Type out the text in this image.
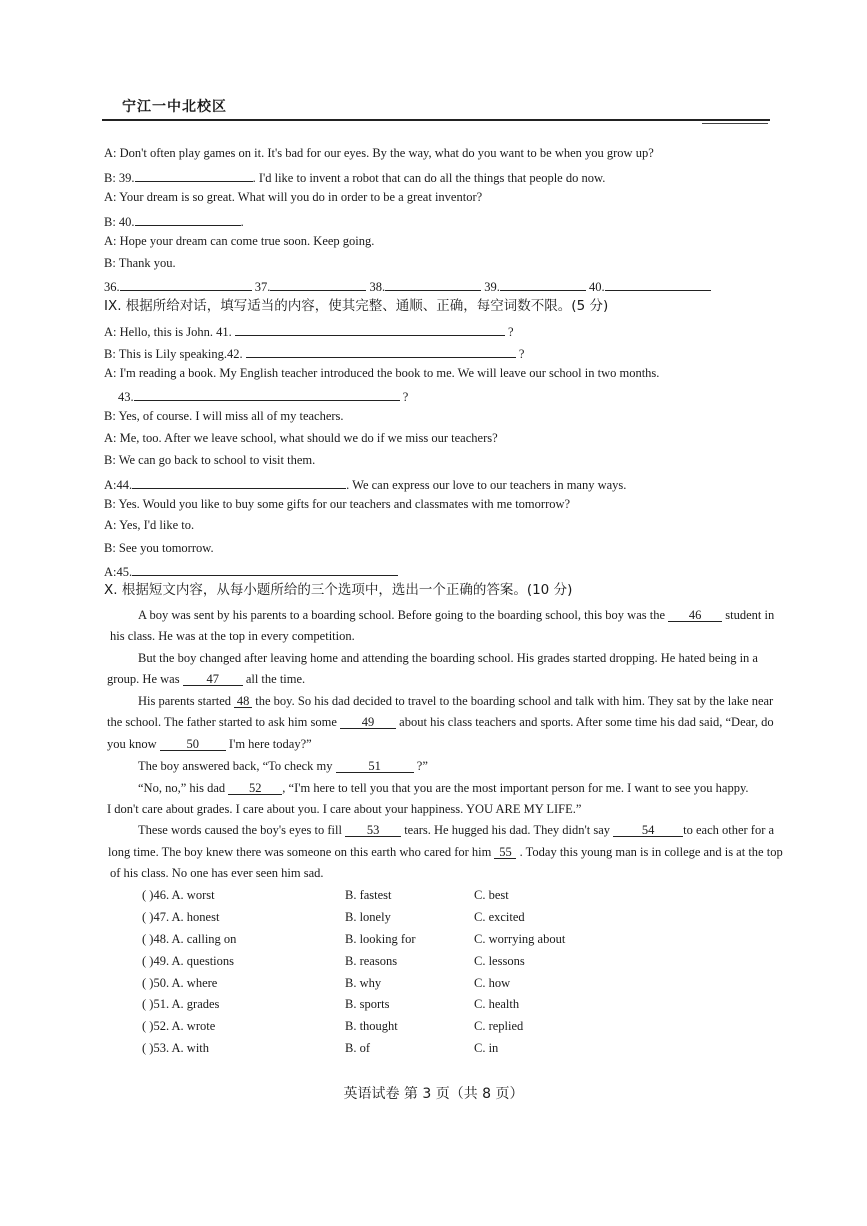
宁江一中北校区
A: Don't often play games on it. It's bad for our eyes. By the way, what do you want to be when you grow up?
B: 39.	. I'd like to invent a robot that can do all the things that people do now.
A: Your dream is so great. What will you do in order to be a great inventor?
B: 40.	.
A: Hope your dream can come true soon. Keep going.
B: Thank you.
36.	37.	38.	39.	40.
IX. 根据所给对话，填写适当的内容，使其完整、通顺、正确，每空词数不限。(5 分)
A: Hello, this is John. 41.	?
B: This is Lily speaking.42.	?
A: I'm reading a book. My English teacher introduced the book to me. We will leave our school in two months.
43.	?
B: Yes, of course. I will miss all of my teachers.
A: Me, too. After we leave school, what should we do if we miss our teachers?
B: We can go back to school to visit them.
A:44.	. We can express our love to our teachers in many ways.
B: Yes. Would you like to buy some gifts for our teachers and classmates with me tomorrow?
A: Yes, I'd like to.
B: See you tomorrow.
A:45.
X. 根据短文内容，从每小题所给的三个选项中，选出一个正确的答案。(10 分)
A boy was sent by his parents to a boarding school. Before going to the boarding school, this boy was the 46 student in
his class. He was at the top in every competition.
But the boy changed after leaving home and attending the boarding school. His grades started dropping. He hated being in a
group. He was 47 all the time.
His parents started 48 the boy. So his dad decided to travel to the boarding school and talk with him. They sat by the lake near
the school. The father started to ask him some 49 about his class teachers and sports. After some time his dad said, “Dear, do
you know 50 I'm here today?”
The boy answered back, “To check my	51	?”
“No, no,” his dad 52 , “I'm here to tell you that you are the most important person for me. I want to see you happy.
I don't care about grades. I care about you. I care about your happiness. YOU ARE MY LIFE.”
These words caused the boy's eyes to fill 53 tears. He hugged his dad. They didn't say	54 to each other for a
long time. The boy knew there was someone on this earth who cared for him 55 . Today this young man is in college and is at the top
of his class. No one has ever seen him sad.
( )46. A. worst	B. fastest	C. best
( )47. A. honest	B. lonely	C. excited
( )48. A. calling on	B. looking for	C. worrying about
( )49. A. questions	B. reasons	C. lessons
( )50. A. where	B. why	C. how
( )51. A. grades	B. sports	C. health
( )52. A. wrote	B. thought	C. replied
( )53. A. with	B. of	C. in
英语试卷 第 3 页（共 8 页）
